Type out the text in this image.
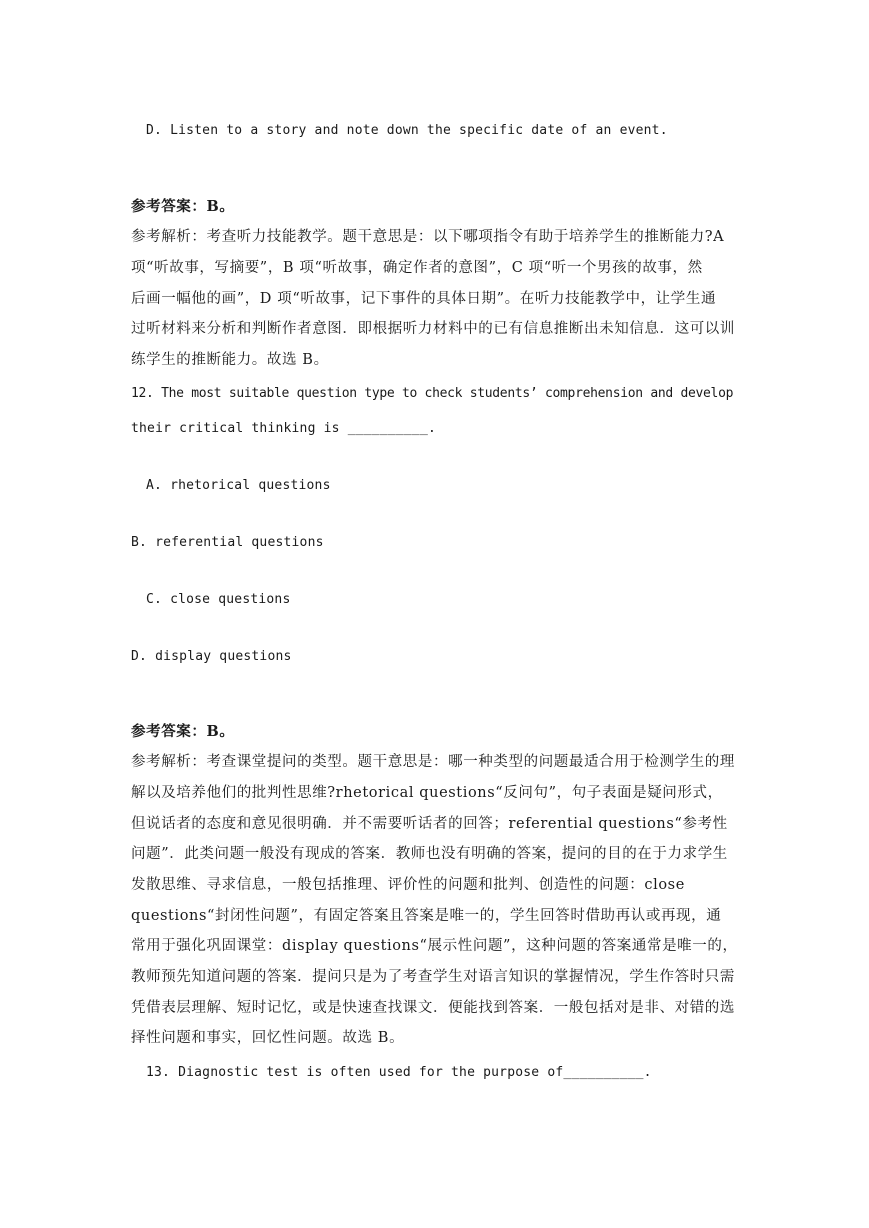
D. Listen to a story and note down the specific date of an event.
参考答案：B。
参考解析：考查听力技能教学。题干意思是：以下哪项指令有助于培养学生的推断能力?A
项“听故事，写摘要”，B 项“听故事，确定作者的意图”，C 项“听一个男孩的故事，然
后画一幅他的画”，D 项“听故事，记下事件的具体日期”。在听力技能教学中，让学生通
过听材料来分析和判断作者意图．即根据听力材料中的已有信息推断出未知信息．这可以训
练学生的推断能力。故选 B。
12. The most suitable question type to check students’ comprehension and develop
their critical thinking is __________.
A. rhetorical questions
B. referential questions
C. close questions
D. display questions
参考答案：B。
参考解析：考查课堂提问的类型。题干意思是：哪一种类型的问题最适合用于检测学生的理
解以及培养他们的批判性思维?rhetorical questions“反问句”，句子表面是疑问形式，
但说话者的态度和意见很明确．并不需要听话者的回答；referential questions“参考性
问题”．此类问题一般没有现成的答案．教师也没有明确的答案，提问的目的在于力求学生
发散思维、寻求信息，一般包括推理、评价性的问题和批判、创造性的问题：close
questions“封闭性问题”，有固定答案且答案是唯一的，学生回答时借助再认或再现，通
常用于强化巩固课堂：display questions“展示性问题”，这种问题的答案通常是唯一的，
教师预先知道问题的答案．提问只是为了考查学生对语言知识的掌握情况，学生作答时只需
凭借表层理解、短时记忆，或是快速查找课文．便能找到答案．一般包括对是非、对错的选
择性问题和事实，回忆性问题。故选 B。
13. Diagnostic test is often used for the purpose of__________.
